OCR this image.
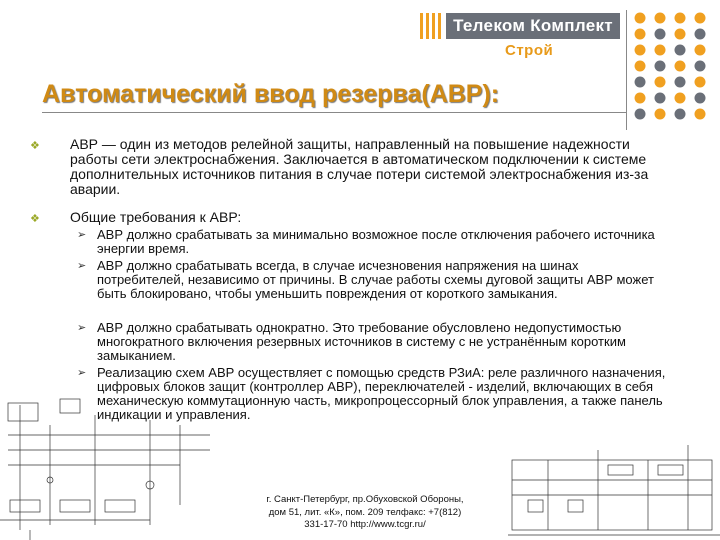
Телеком Комплект
Строй
Автоматический ввод резерва(АВР):
❖ АВР — один из методов релейной защиты, направленный на повышение надежности работы сети электроснабжения. Заключается в автоматическом подключении к системе дополнительных источников питания в случае потери системой электроснабжения из-за аварии.
❖ Общие требования к АВР:
➢ АВР должно срабатывать за минимально возможное после отключения рабочего источника энергии время.
➢ АВР должно срабатывать всегда, в случае исчезновения напряжения на шинах потребителей, независимо от причины. В случае работы схемы дуговой защиты АВР может быть блокировано, чтобы уменьшить повреждения от короткого замыкания.
➢ АВР должно срабатывать однократно. Это требование обусловлено недопустимостью многократного включения резервных источников в систему с не устранённым коротким замыканием.
➢ Реализацию схем АВР осуществляет с помощью средств РЗиА: реле различного назначения, цифровых блоков защит (контроллер АВР), переключателей - изделий, включающих в себя механическую коммутационную часть, микропроцессорный блок управления, а также панель индикации и управления.
г. Санкт-Петербург, пр.Обуховской Обороны,
дом 51, лит. «К», пом. 209 телфакс: +7(812)
331-17-70 http://www.tcgr.ru/
